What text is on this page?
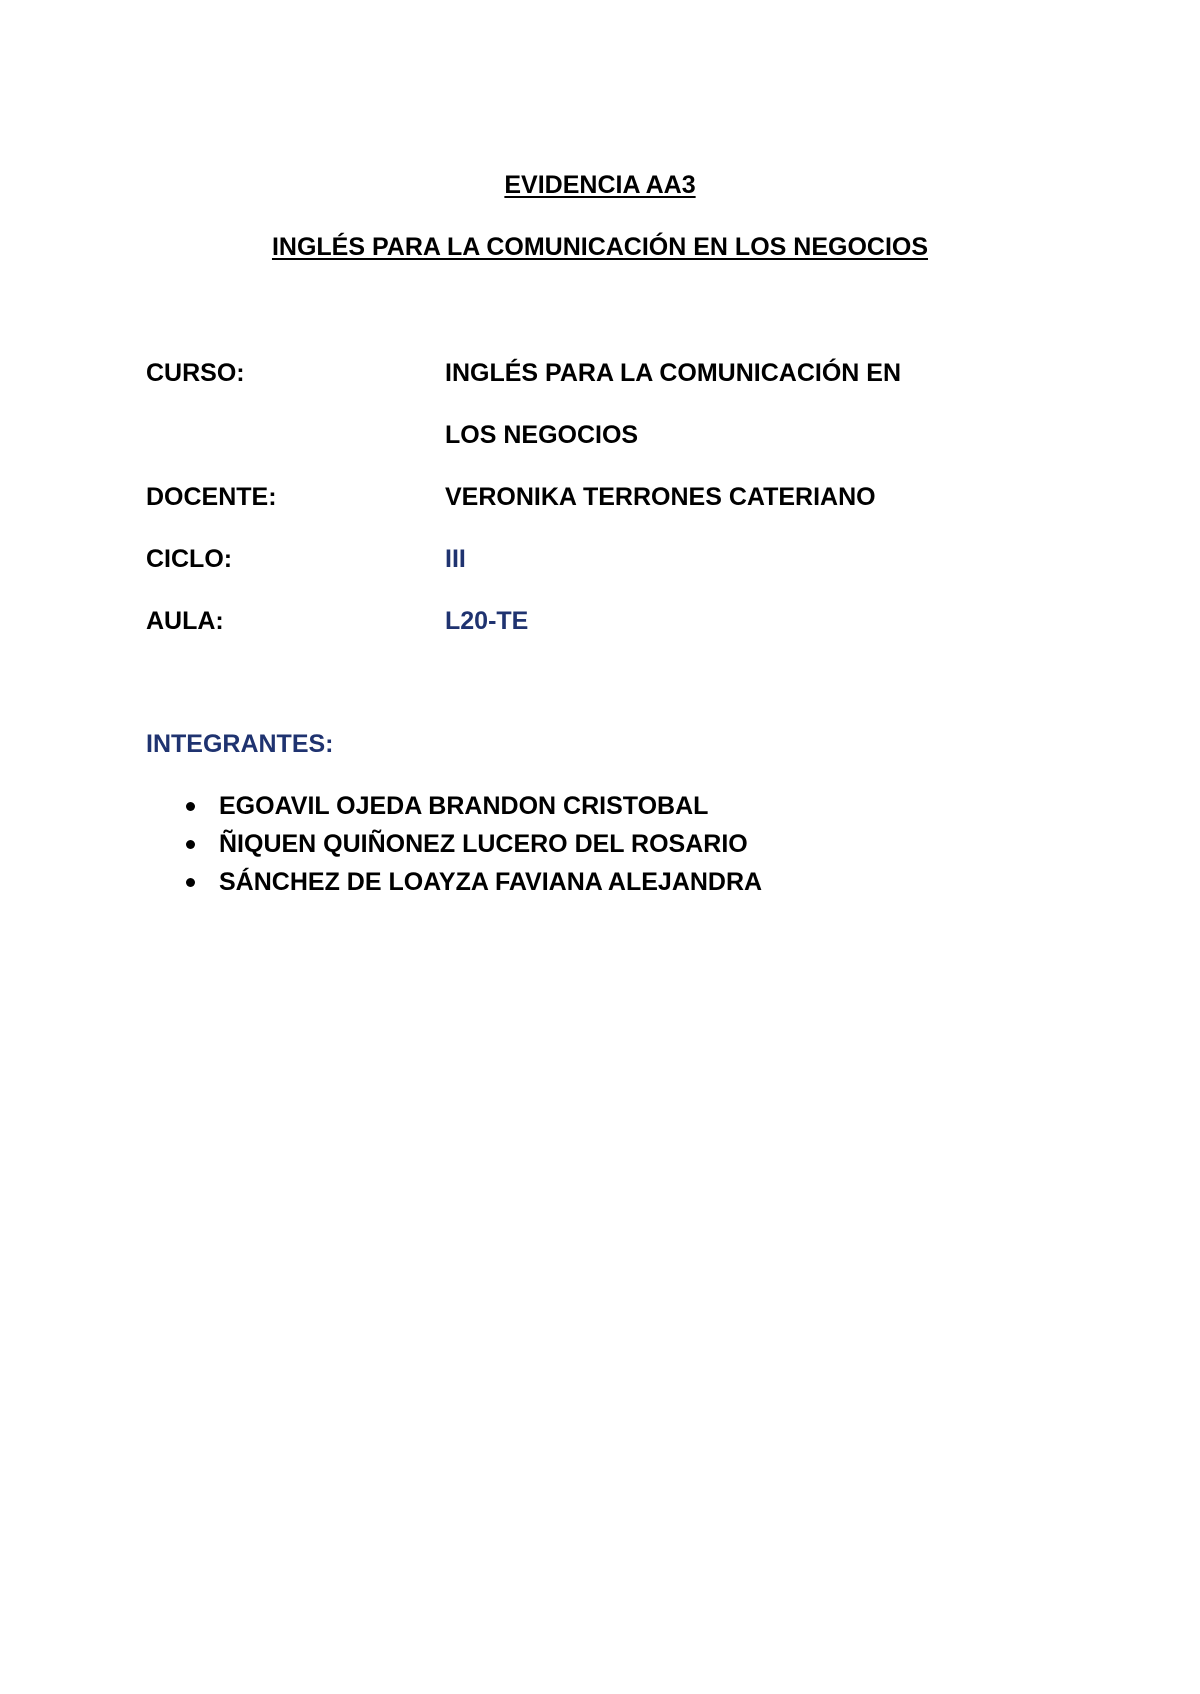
EVIDENCIA AA3
INGLÉS PARA LA COMUNICACIÓN EN LOS NEGOCIOS
CURSO:	INGLÉS PARA LA COMUNICACIÓN EN
LOS NEGOCIOS
DOCENTE:	VERONIKA TERRONES CATERIANO
CICLO:	III
AULA:	L20-TE
INTEGRANTES:
EGOAVIL OJEDA BRANDON CRISTOBAL
ÑIQUEN QUIÑONEZ LUCERO DEL ROSARIO
SÁNCHEZ DE LOAYZA FAVIANA ALEJANDRA
